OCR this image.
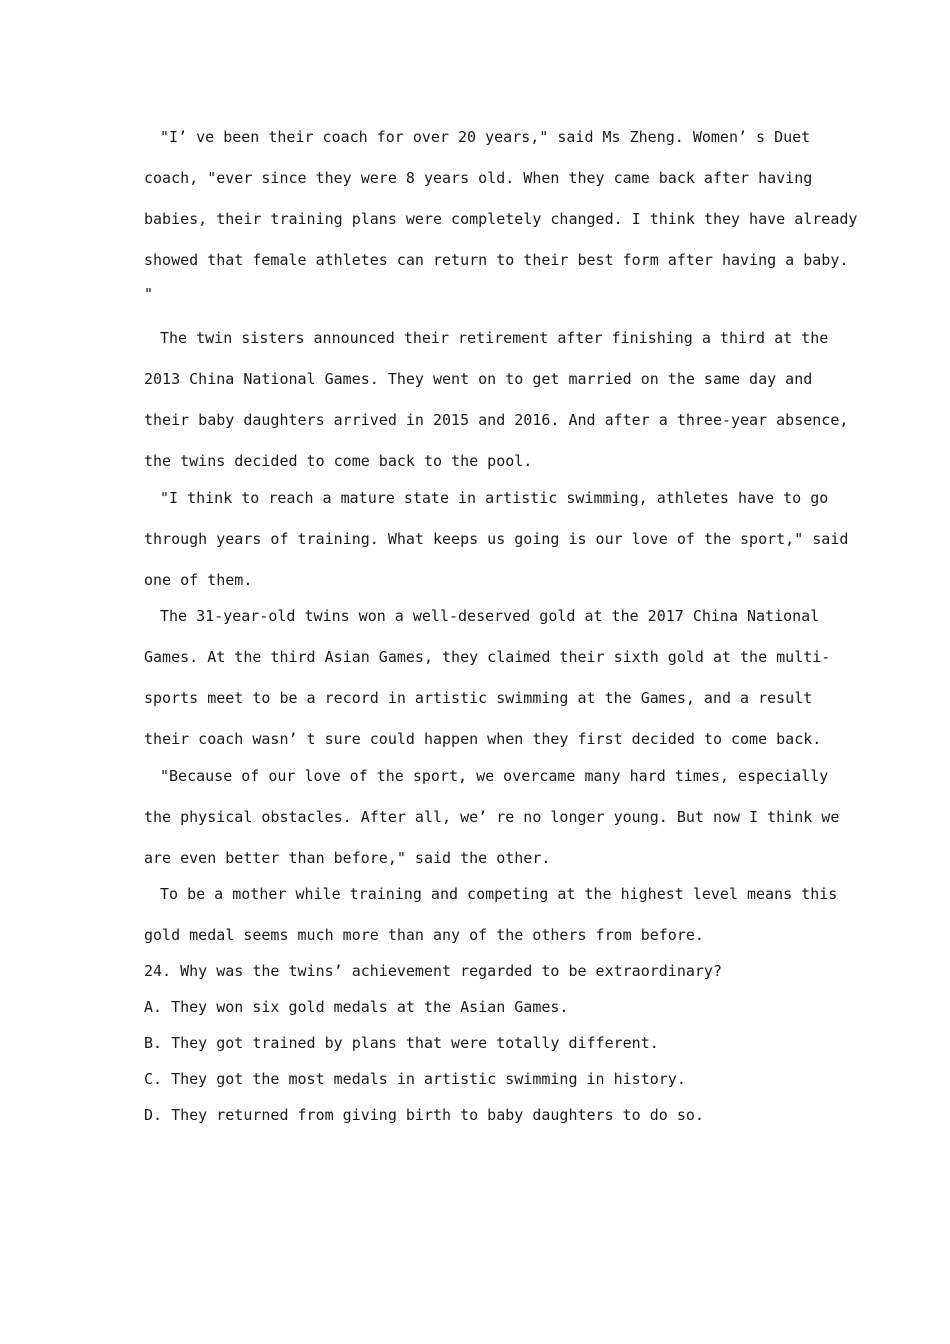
"I’ ve been their coach for over 20 years," said Ms Zheng. Women’ s Duet
coach, "ever since they were 8 years old. When they came back after having
babies, their training plans were completely changed. I think they have already
showed that female athletes can return to their best form after having a baby.
"
The twin sisters announced their retirement after finishing a third at the
2013 China National Games. They went on to get married on the same day and
their baby daughters arrived in 2015 and 2016. And after a three-year absence,
the twins decided to come back to the pool.
"I think to reach a mature state in artistic swimming, athletes have to go
through years of training. What keeps us going is our love of the sport," said
one of them.
The 31-year-old twins won a well-deserved gold at the 2017 China National
Games. At the third Asian Games, they claimed their sixth gold at the multi-
sports meet to be a record in artistic swimming at the Games, and a result
their coach wasn’ t sure could happen when they first decided to come back.
"Because of our love of the sport, we overcame many hard times, especially
the physical obstacles. After all, we’ re no longer young. But now I think we
are even better than before," said the other.
To be a mother while training and competing at the highest level means this
gold medal seems much more than any of the others from before.
24. Why was the twins’ achievement regarded to be extraordinary?
A. They won six gold medals at the Asian Games.
B. They got trained by plans that were totally different.
C. They got the most medals in artistic swimming in history.
D. They returned from giving birth to baby daughters to do so.
